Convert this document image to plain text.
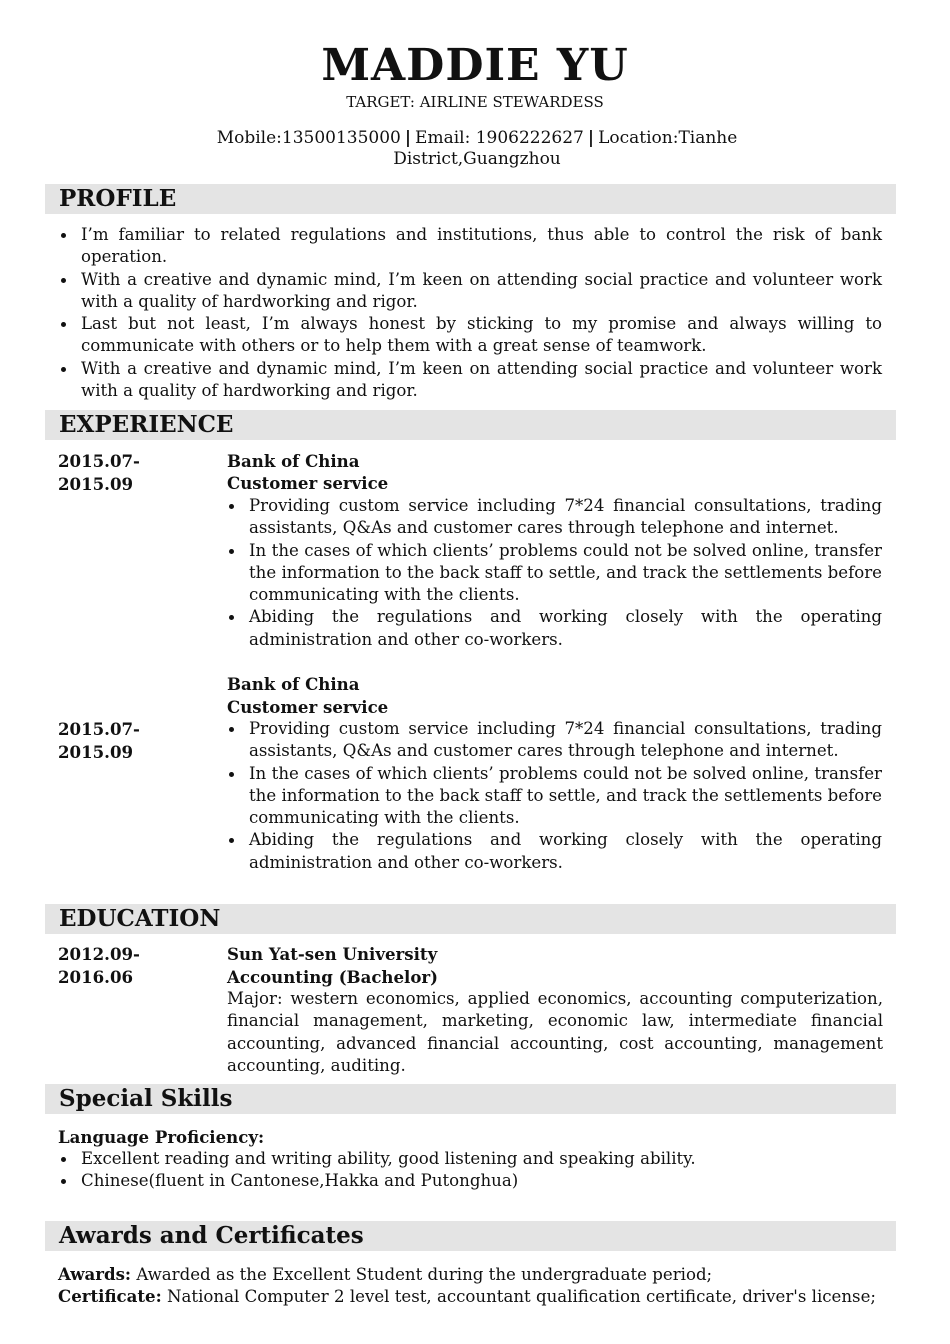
MADDIE YU
TARGET: AIRLINE STEWARDESS
Mobile:13500135000 | Email: 1906222627 | Location:Tianhe District,Guangzhou
PROFILE
I’m familiar to related regulations and institutions, thus able to control the risk of bank operation.
With a creative and dynamic mind, I’m keen on attending social practice and volunteer work with a quality of hardworking and rigor.
Last but not least, I’m always honest by sticking to my promise and always willing to communicate with others or to help them with a great sense of teamwork.
With a creative and dynamic mind, I’m keen on attending social practice and volunteer work with a quality of hardworking and rigor.
EXPERIENCE
2015.07-
2015.09
Bank of China
Customer service
Providing custom service including 7*24 financial consultations, trading assistants, Q&As and customer cares through telephone and internet.
In the cases of which clients’ problems could not be solved online, transfer the information to the back staff to settle, and track the settlements before communicating with the clients.
Abiding the regulations and working closely with the operating administration and other co-workers.
Bank of China
Customer service
2015.07-
2015.09
Providing custom service including 7*24 financial consultations, trading assistants, Q&As and customer cares through telephone and internet.
In the cases of which clients’ problems could not be solved online, transfer the information to the back staff to settle, and track the settlements before communicating with the clients.
Abiding the regulations and working closely with the operating administration and other co-workers.
EDUCATION
2012.09-
2016.06
Sun Yat-sen University
Accounting (Bachelor)
Major: western economics, applied economics, accounting computerization, financial management, marketing, economic law, intermediate financial accounting, advanced financial accounting, cost accounting, management accounting, auditing.
Special Skills
Language Proficiency:
Excellent reading and writing ability, good listening and speaking ability.
Chinese(fluent in Cantonese,Hakka and Putonghua)
Awards and Certificates
Awards: Awarded as the Excellent Student during the undergraduate period;
Certificate: National Computer 2 level test, accountant qualification certificate, driver's license;
